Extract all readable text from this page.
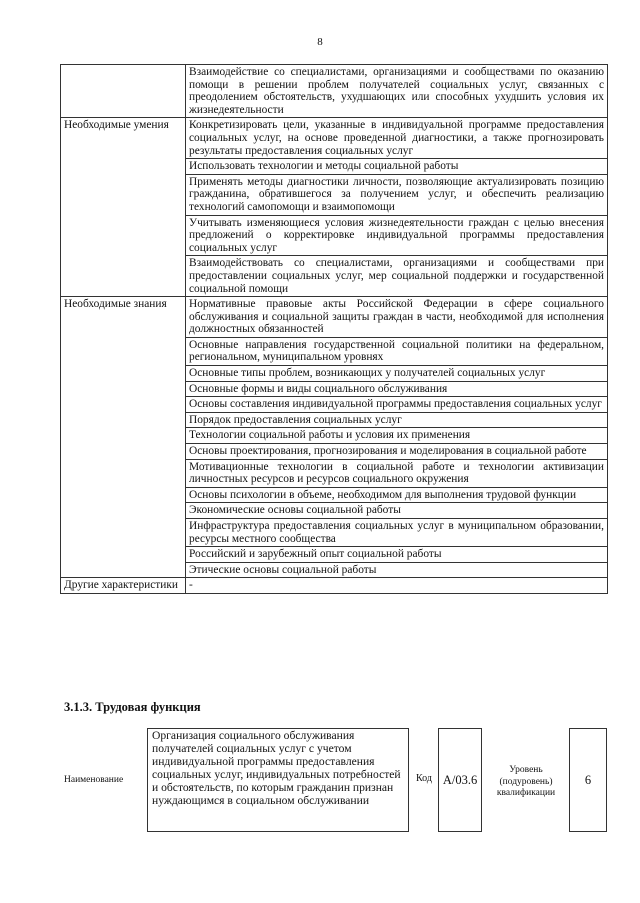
8
	Взаимодействие со специалистами, организациями и сообществами по оказанию помощи в решении проблем получателей социальных услуг, связанных с преодолением обстоятельств, ухудшающих или способных ухудшить условия их жизнедеятельности
Необходимые умения	Конкретизировать цели, указанные в индивидуальной программе предоставления социальных услуг, на основе проведенной диагностики, а также прогнозировать результаты предоставления социальных услуг
	Использовать технологии и методы социальной работы
	Применять методы диагностики личности, позволяющие актуализировать позицию гражданина, обратившегося за получением услуг, и обеспечить реализацию технологий самопомощи и взаимопомощи
	Учитывать изменяющиеся условия жизнедеятельности граждан с целью внесения предложений о корректировке индивидуальной программы предоставления социальных услуг
	Взаимодействовать со специалистами, организациями и сообществами при предоставлении социальных услуг, мер социальной поддержки и государственной социальной помощи
Необходимые знания	Нормативные правовые акты Российской Федерации в сфере социального обслуживания и социальной защиты граждан в части, необходимой для исполнения должностных обязанностей
	Основные направления государственной социальной политики на федеральном, региональном, муниципальном уровнях
	Основные типы проблем, возникающих у получателей социальных услуг
	Основные формы и виды социального обслуживания
	Основы составления индивидуальной программы предоставления социальных услуг
	Порядок предоставления социальных услуг
	Технологии социальной работы и условия их применения
	Основы проектирования, прогнозирования и моделирования в социальной работе
	Мотивационные технологии в социальной работе и технологии активизации личностных ресурсов и ресурсов социального окружения
	Основы психологии в объеме, необходимом для выполнения трудовой функции
	Экономические основы социальной работы
	Инфраструктура предоставления социальных услуг в муниципальном образовании, ресурсы местного сообщества
	Российский и зарубежный опыт социальной работы
	Этические основы социальной работы
Другие характеристики	-
3.1.3. Трудовая функция
Наименование
Организация социального обслуживания получателей социальных услуг с учетом индивидуальной программы предоставления социальных услуг, индивидуальных потребностей и обстоятельств, по которым гражданин признан нуждающимся в социальном обслуживании
Код A/03.6
Уровень (подуровень) квалификации
6
